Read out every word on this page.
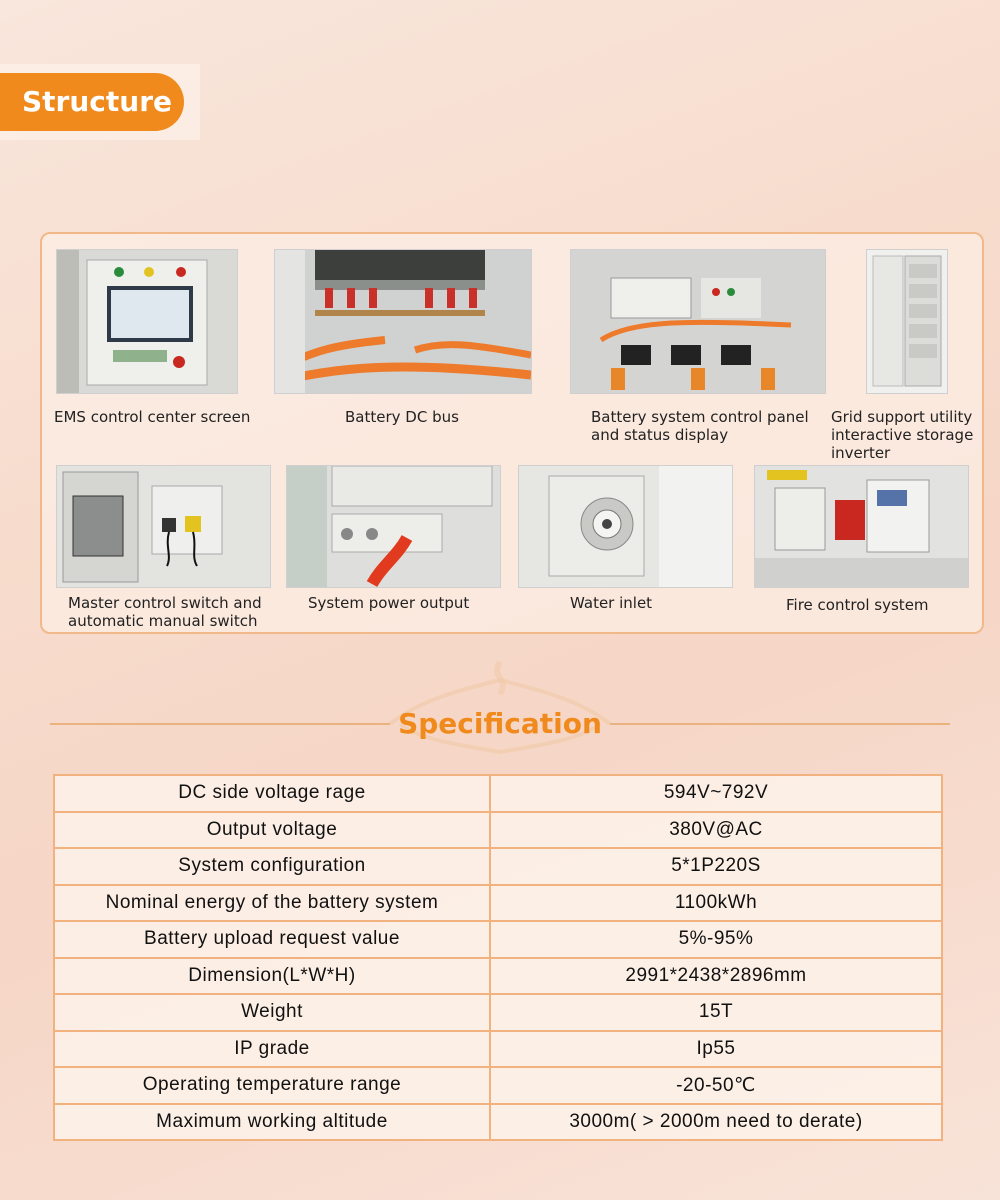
Structure
EMS control center screen	Battery DC bus	Battery system control panel and status display
Grid support utility interactive storage inverter
Master control switch and automatic manual switch
System power output	Water inlet	Fire control system
Specification
DC side voltage rage	594V~792V
Output voltage	380V@AC
System configuration	5*1P220S
Nominal energy of the battery system	1100kWh
Battery upload request value	5%-95%
Dimension(L*W*H)	2991*2438*2896mm
Weight	15T
IP grade	Ip55
Operating temperature range	-20-50℃
Maximum working altitude	3000m( > 2000m need to derate)
